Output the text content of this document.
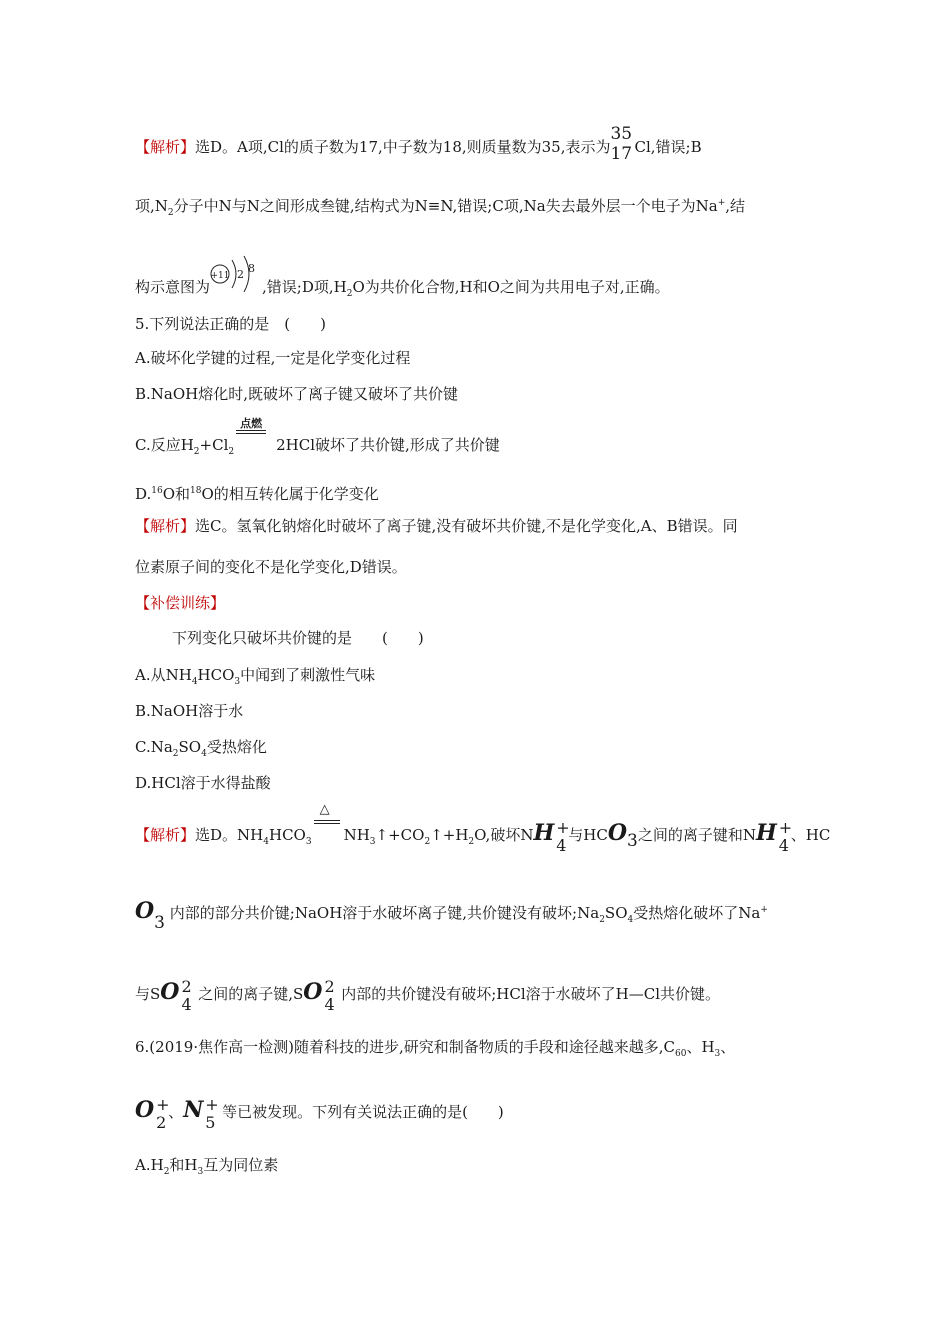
【解析】选D。A项,Cl的质子数为17,中子数为18,则质量数为35,表示为
35
17 Cl,错误;B
项$,N_2$分子中N与N之间形成叁键,结构式为N≡N,错误;C项,Na失去最外层一个电子为Na+,结
构示意图为
+11 2 8
,错误;D项$,H_2O$为共价化合物,H和O之间为共用电子对,正确。
5.下列说法正确的是　(　　)
A.破坏化学键的过程,一定是化学变化过程
B.NaOH熔化时,既破坏了离子键又破坏了共价键
C.反应$H_2+Cl_2$
点燃
2HCl破坏了共价键,形成了共价键
D.$^{16}$O和$^{18}$O的相互转化属于化学变化
【解析】选C。氢氧化钠熔化时破坏了离子键,没有破坏共价键,不是化学变化,A、B错误。同
位素原子间的变化不是化学变化,D错误。
【补偿训练】
下列变化只破坏共价键的是　　(　　)
A.从$NH_4HCO_3$中闻到了刺激性气味
B.NaOH溶于水
$C.Na_2SO_4$受热熔化
D.HCl溶于水得盐酸
【解析】选D。$NH_4HCO_3$
△
$NH_3↑+CO_2↑+H_2O$,破坏NH +
4
与HCO3之间的离子键和NH +
4
、HC
O3 内部的部分共价键;NaOH溶于水破坏离子键,共价键没有破坏$;Na_2SO_4$受热熔化破坏了Na+
与SO 2
4
之间的离子键,SO 2
4
内部的共价键没有破坏;HCl溶于水破坏了H—Cl共价键。
6.(2019·焦作高一检测)随着科技的进步,研究和制备物质的手段和途径越来越多$,C_{60}$、$H_3$、
O +
2
、N +
5
等已被发现。下列有关说法正确的是(　　)
$A.H_2$和$H_3$互为同位素
